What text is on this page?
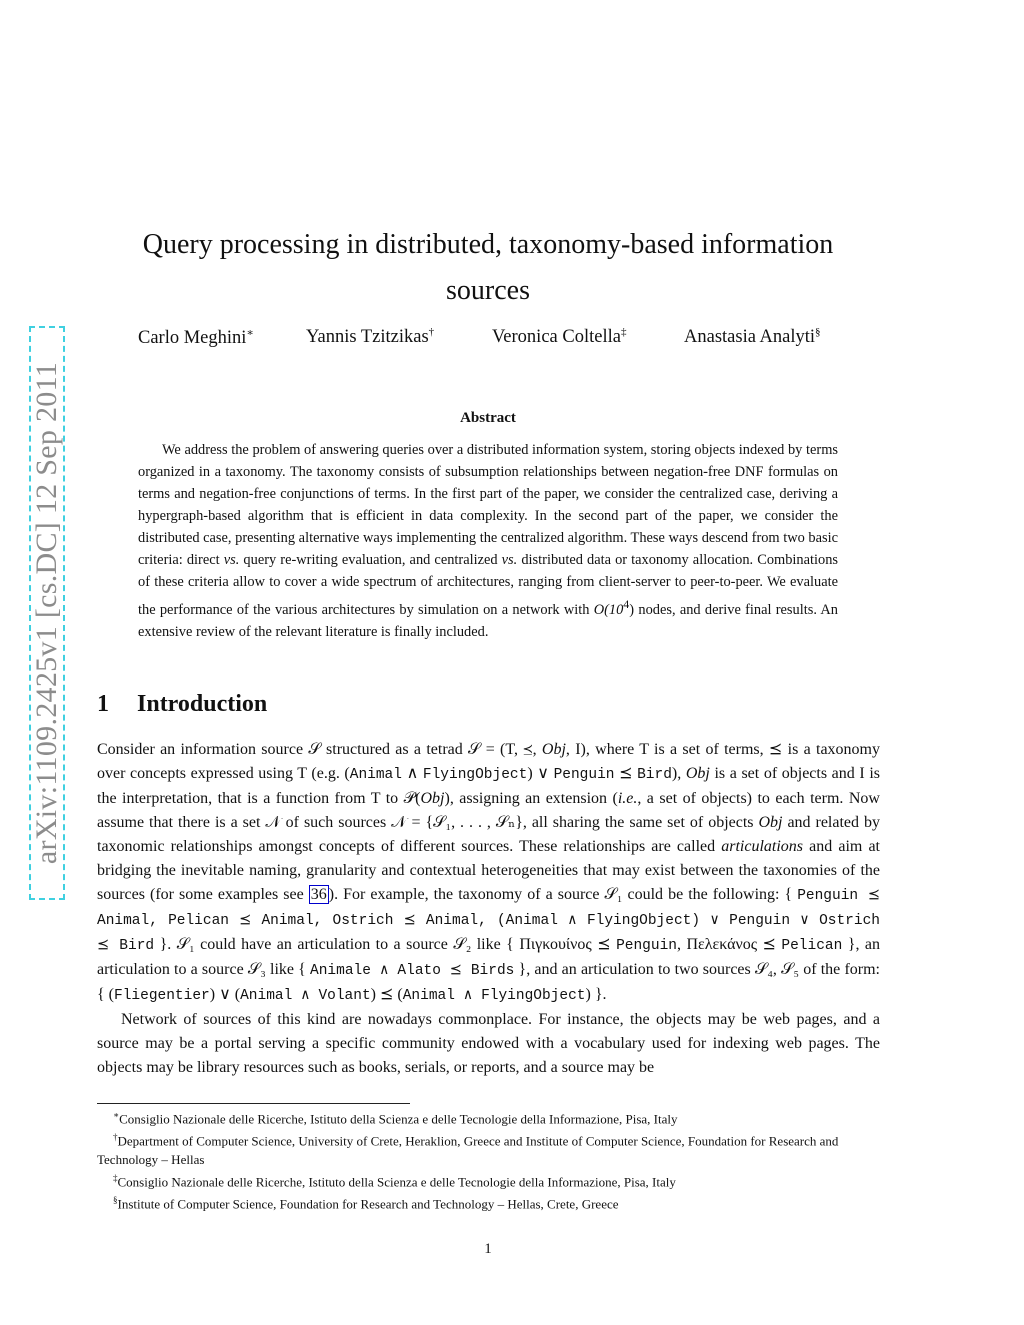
arXiv:1109.2425v1 [cs.DC] 12 Sep 2011
Query processing in distributed, taxonomy-based information
sources
Carlo Meghini∗	Yannis Tzitzikas†	Veronica Coltella‡	Anastasia Analyti§
Abstract

We address the problem of answering queries over a distributed information system, storing objects indexed by terms organized in a taxonomy. The taxonomy consists of subsumption relationships between negation-free DNF formulas on terms and negation-free conjunctions of terms. In the first part of the paper, we consider the centralized case, deriving a hypergraph-based algorithm that is efficient in data complexity. In the second part of the paper, we consider the distributed case, presenting alternative ways implementing the centralized algorithm. These ways descend from two basic criteria: direct vs. query re-writing evaluation, and centralized vs. distributed data or taxonomy allocation. Combinations of these criteria allow to cover a wide spectrum of architectures, ranging from client-server to peer-to-peer. We evaluate the performance of the various architectures by simulation on a network with $O(10^4)$ nodes, and derive final results. An extensive review of the relevant literature is finally included.

1 Introduction

Consider an information source 𝒮 structured as a tetrad 𝒮 = (T, ⪯, Obj, I), where T is a set of terms, ⪯ is a taxonomy over concepts expressed using T (e.g. (Animal ∧ FlyingObject) ∨ Penguin ⪯ Bird), Obj is a set of objects and I is the interpretation, that is a function from T to 𝒫(Obj), assigning an extension (i.e., a set of objects) to each term. Now assume that there is a set 𝒩 of such sources 𝒩 = {𝒮₁, . . . , 𝒮ₙ}, all sharing the same set of objects Obj and related by taxonomic relationships amongst concepts of different sources. These relationships are called articulations and aim at bridging the inevitable naming, granularity and contextual heterogeneities that may exist between the taxonomies of the sources (for some examples see 36 ). For example, the taxonomy of a source 𝒮₁ could be the following: { Penguin ⪯ Animal, Pelican ⪯ Animal, Ostrich ⪯ Animal, (Animal ∧ FlyingObject) ∨ Penguin ∨ Ostrich ⪯ Bird }. 𝒮₁ could have an articulation to a source 𝒮₂ like { Πιγκουίνος ⪯ Penguin, Πελεκάνος ⪯ Pelican }, an articulation to a source 𝒮₃ like { Animale ∧ Alato ⪯ Birds }, and an articulation to two sources 𝒮₄, 𝒮₅ of the form: { (Fliegentier) ∨ (Animal ∧ Volant) ⪯ (Animal ∧ FlyingObject) }.

Network of sources of this kind are nowadays commonplace. For instance, the objects may be web pages, and a source may be a portal serving a specific community endowed with a vocabulary used for indexing web pages. The objects may be library resources such as books, serials, or reports, and a source may be

∗Consiglio Nazionale delle Ricerche, Istituto della Scienza e delle Tecnologie della Informazione, Pisa, Italy

†Department of Computer Science, University of Crete, Heraklion, Greece and Institute of Computer Science, Foundation for Research and Technology – Hellas

‡Consiglio Nazionale delle Ricerche, Istituto della Scienza e delle Tecnologie della Informazione, Pisa, Italy

§Institute of Computer Science, Foundation for Research and Technology – Hellas, Crete, Greece

1
